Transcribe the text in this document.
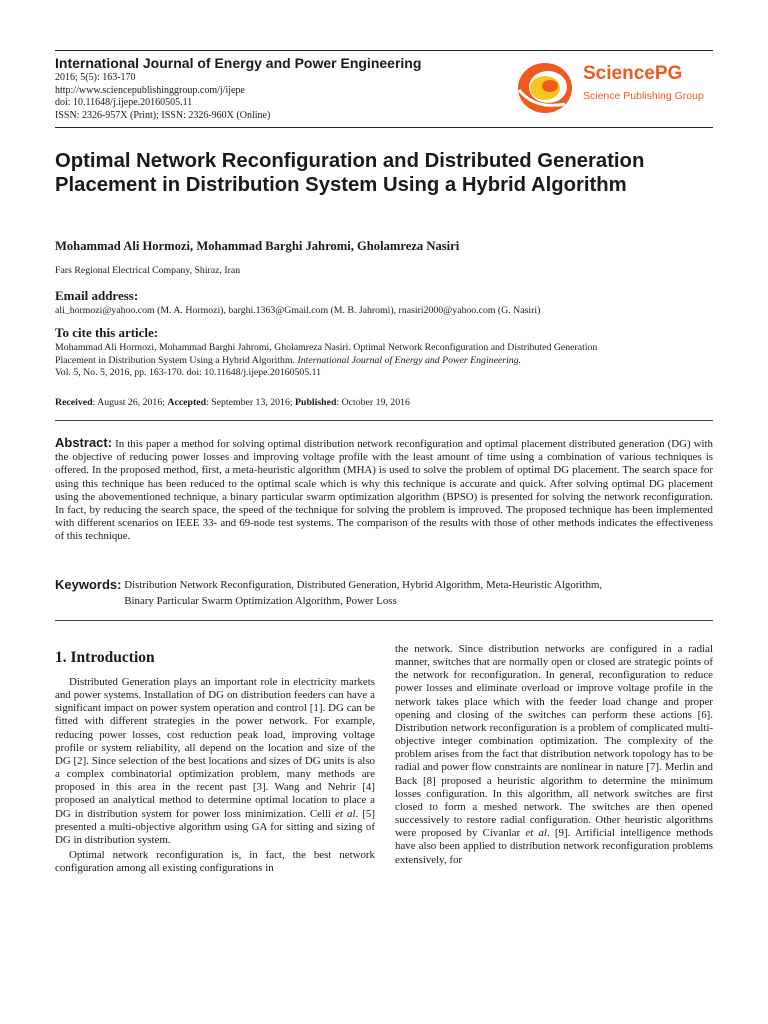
International Journal of Energy and Power Engineering
2016; 5(5): 163-170
http://www.sciencepublishinggroup.com/j/ijepe
doi: 10.11648/j.ijepe.20160505.11
ISSN: 2326-957X (Print); ISSN: 2326-960X (Online)
SciencePG
Science Publishing Group
Optimal Network Reconfiguration and Distributed Generation Placement in Distribution System Using a Hybrid Algorithm
Mohammad Ali Hormozi, Mohammad Barghi Jahromi, Gholamreza Nasiri
Fars Regional Electrical Company, Shiraz, Iran
Email address:
ali_hormozi@yahoo.com (M. A. Hormozi), barghi.1363@Gmail.com (M. B. Jahromi), rnasiri2000@yahoo.com (G. Nasiri)
To cite this article:
Mohammad Ali Hormozi, Mohammad Barghi Jahromi, Gholamreza Nasiri. Optimal Network Reconfiguration and Distributed Generation
Placement in Distribution System Using a Hybrid Algorithm. International Journal of Energy and Power Engineering.
Vol. 5, No. 5, 2016, pp. 163-170. doi: 10.11648/j.ijepe.20160505.11
Received: August 26, 2016; Accepted: September 13, 2016; Published: October 19, 2016
Abstract: In this paper a method for solving optimal distribution network reconfiguration and optimal placement distributed generation (DG) with the objective of reducing power losses and improving voltage profile with the least amount of time using a combination of various techniques is offered. In the proposed method, first, a meta-heuristic algorithm (MHA) is used to solve the problem of optimal DG placement. The search space for using this technique has been reduced to the optimal scale which is why this technique is accurate and quick. After solving optimal DG placement using the abovementioned technique, a binary particular swarm optimization algorithm (BPSO) is presented for solving the network reconfiguration. In fact, by reducing the search space, the speed of the technique for solving the problem is improved. The proposed technique has been implemented with different scenarios on IEEE 33- and 69-node test systems. The comparison of the results with those of other methods indicates the effectiveness of this technique.
Keywords: Distribution Network Reconfiguration, Distributed Generation, Hybrid Algorithm, Meta-Heuristic Algorithm,
Binary Particular Swarm Optimization Algorithm, Power Loss
1. Introduction

Distributed Generation plays an important role in electricity markets and power systems. Installation of DG on distribution feeders can have a significant impact on power system operation and control [1]. DG can be fitted with different strategies in the power network. For example, reducing power losses, cost reduction peak load, improving voltage profile or system reliability, all depend on the location and size of the DG [2]. Since selection of the best locations and sizes of DG units is also a complex combinatorial optimization problem, many methods are proposed in this area in the recent past [3]. Wang and Nehrir [4] proposed an analytical method to determine optimal location to place a DG in distribution system for power loss minimization. Celli et al. [5] presented a multi-objective algorithm using GA for sitting and sizing of DG in distribution system.

Optimal network reconfiguration is, in fact, the best network configuration among all existing configurations in

the network. Since distribution networks are configured in a radial manner, switches that are normally open or closed are strategic points of the network for reconfiguration. In general, reconfiguration to reduce power losses and eliminate overload or improve voltage profile in the network takes place which with the feeder load change and proper opening and closing of the switches can perform these actions [6]. Distribution network reconfiguration is a problem of complicated multi-objective integer combination optimization. The complexity of the problem arises from the fact that distribution network topology has to be radial and power flow constraints are nonlinear in nature [7]. Merlin and Back [8] proposed a heuristic algorithm to determine the minimum losses configuration. In this algorithm, all network switches are first closed to form a meshed network. The switches are then opened successively to restore radial configuration. Other heuristic algorithms were proposed by Civanlar et al. [9]. Artificial intelligence methods have also been applied to distribution network reconfiguration problems extensively, for
